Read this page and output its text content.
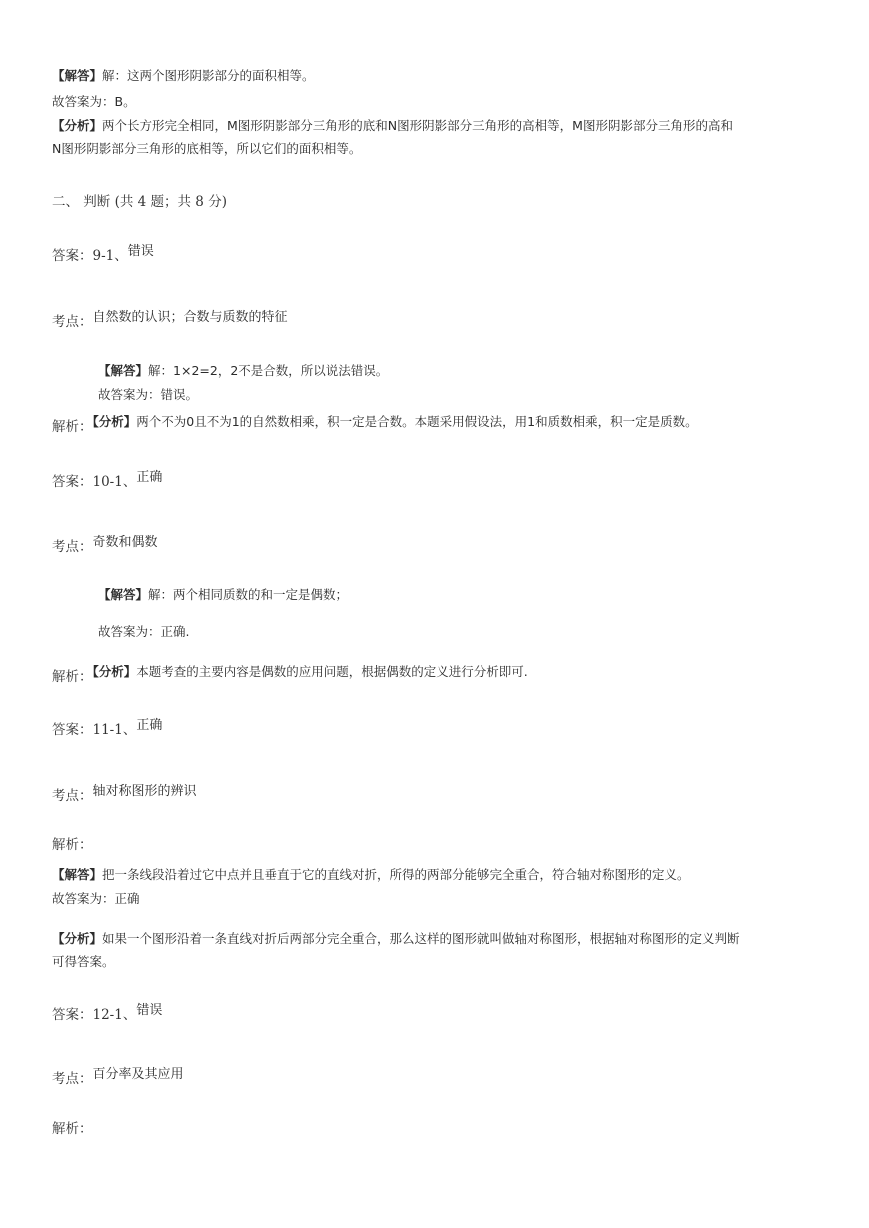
【解答】解：这两个图形阴影部分的面积相等。
故答案为：B。
【分析】两个长方形完全相同，M图形阴影部分三角形的底和N图形阴影部分三角形的高相等，M图形阴影部分三角形的高和
N图形阴影部分三角形的底相等，所以它们的面积相等。
二、 判断 (共 4 题；共 8 分)
答案：9-1、$^{错误}$
$_{考点:}$自然数的认识；合数与质数的特征
【解答】解：1×2=2，2不是合数，所以说法错误。
故答案为：错误。
$_{解析:}$【分析】两个不为0且不为1的自然数相乘，积一定是合数。本题采用假设法，用1和质数相乘，积一定是质数。
答案：10-1、$^{正确}$
$_{考点:}$奇数和偶数
【解答】解：两个相同质数的和一定是偶数；
故答案为：正确.
$_{解析:}$【分析】本题考查的主要内容是偶数的应用问题，根据偶数的定义进行分析即可.
答案：11-1、$^{正确}$
$_{考点:}$轴对称图形的辨识
解析：
【解答】把一条线段沿着过它中点并且垂直于它的直线对折，所得的两部分能够完全重合，符合轴对称图形的定义。
故答案为：正确
【分析】如果一个图形沿着一条直线对折后两部分完全重合，那么这样的图形就叫做轴对称图形，根据轴对称图形的定义判断
可得答案。
答案：12-1、$^{错误}$
$_{考点:}$百分率及其应用
解析：
